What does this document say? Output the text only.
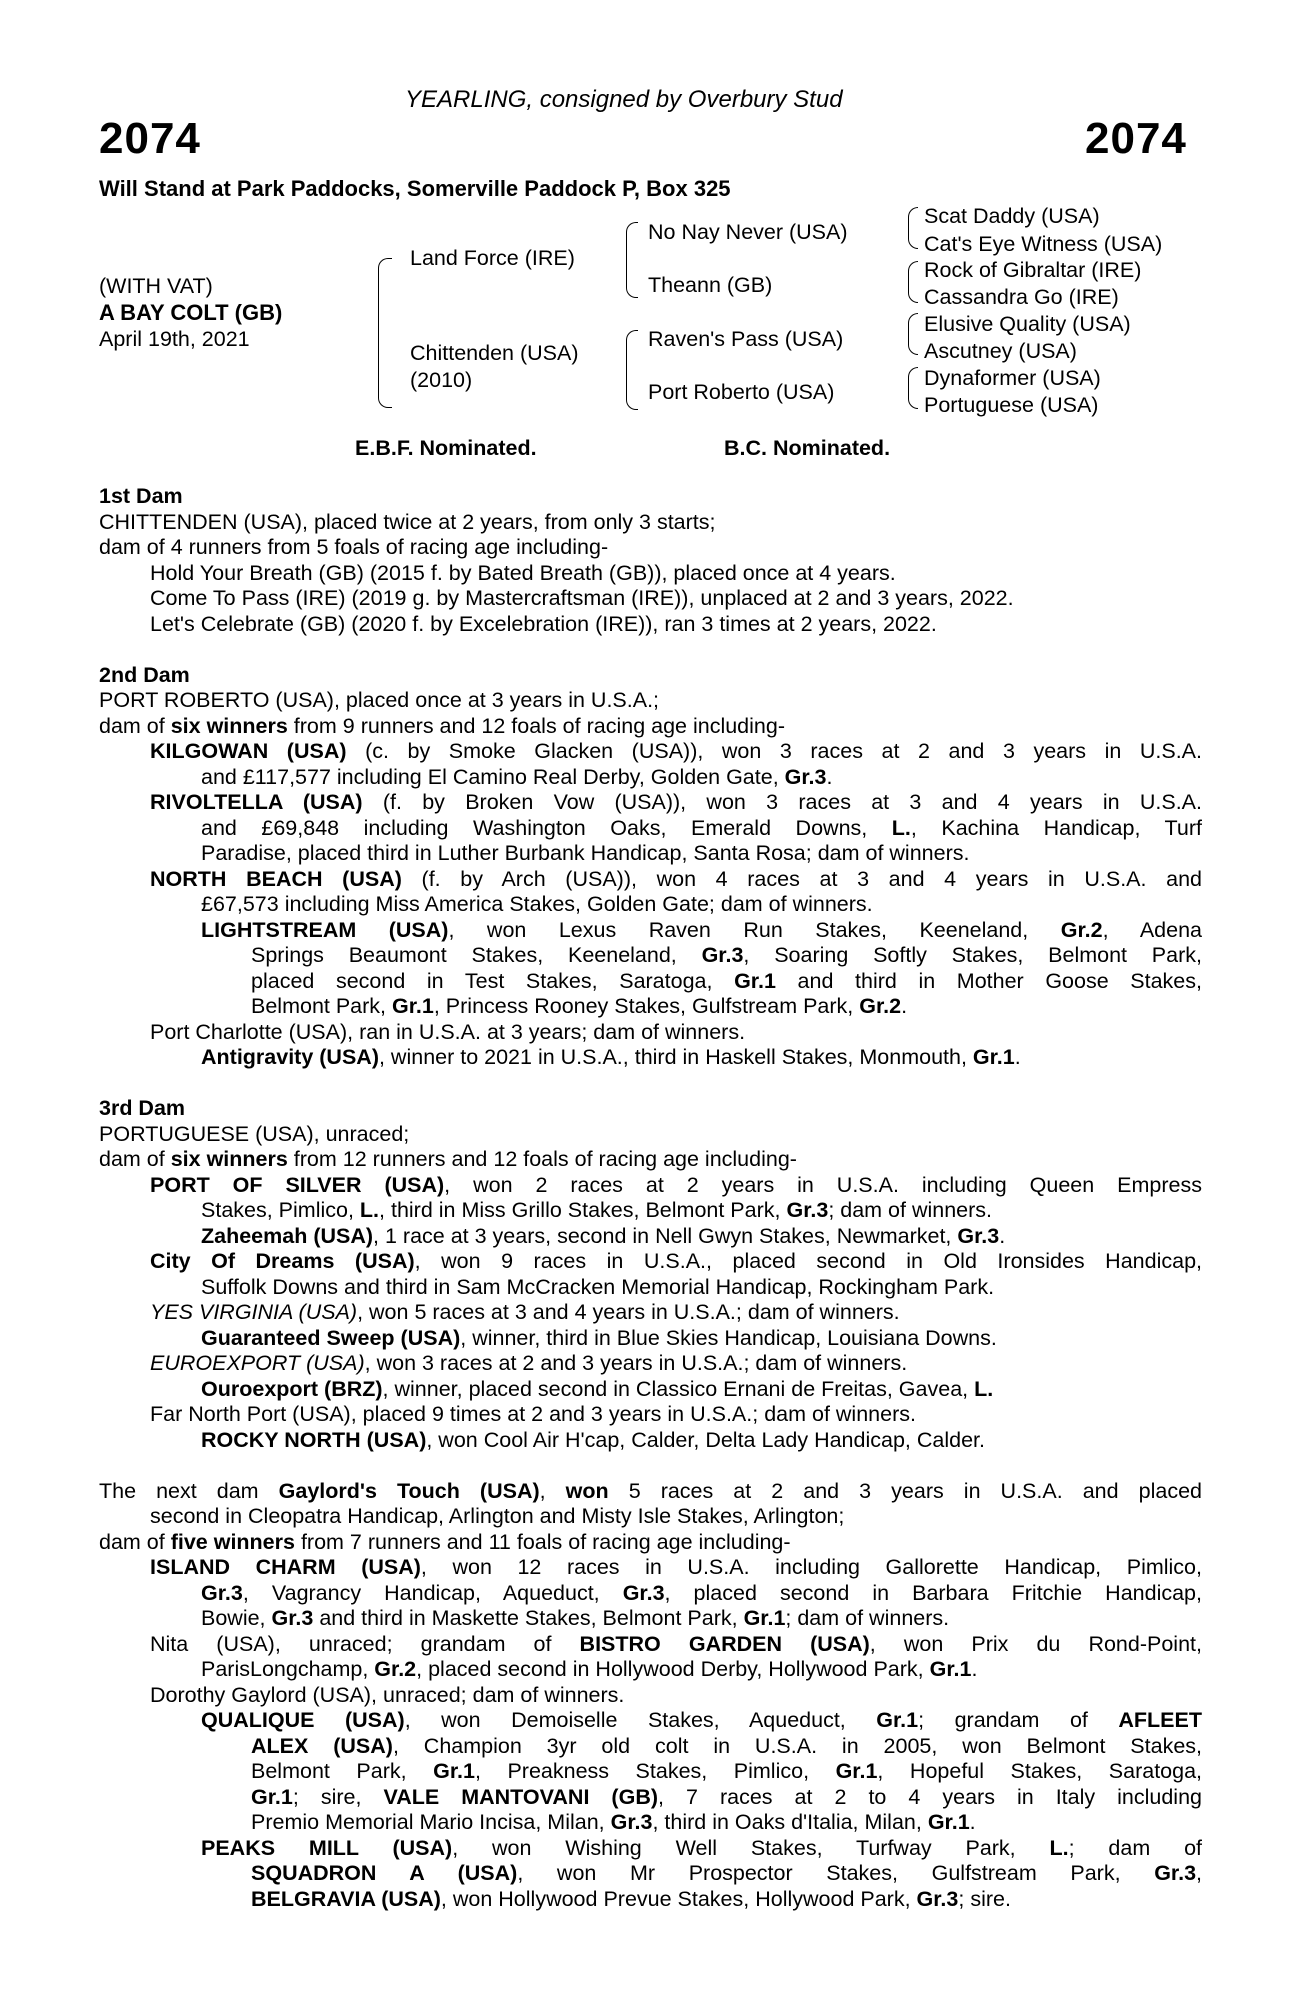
YEARLING, consigned by Overbury Stud
2074	2074
Will Stand at Park Paddocks, Somerville Paddock P, Box 325
(WITH VAT)
A BAY COLT (GB)
April 19th, 2021
Land Force (IRE)
Chittenden (USA)
(2010)
No Nay Never (USA)
Theann (GB)
Raven's Pass (USA)
Port Roberto (USA)
Scat Daddy (USA)
Cat's Eye Witness (USA)
Rock of Gibraltar (IRE)
Cassandra Go (IRE)
Elusive Quality (USA)
Ascutney (USA)
Dynaformer (USA)
Portuguese (USA)
E.B.F. Nominated.	B.C. Nominated.
1st Dam
CHITTENDEN (USA), placed twice at 2 years, from only 3 starts;
dam of 4 runners from 5 foals of racing age including-
Hold Your Breath (GB) (2015 f. by Bated Breath (GB)), placed once at 4 years.
Come To Pass (IRE) (2019 g. by Mastercraftsman (IRE)), unplaced at 2 and 3 years, 2022.
Let's Celebrate (GB) (2020 f. by Excelebration (IRE)), ran 3 times at 2 years, 2022.
2nd Dam
PORT ROBERTO (USA), placed once at 3 years in U.S.A.;
dam of six winners from 9 runners and 12 foals of racing age including-
KILGOWAN (USA) (c. by Smoke Glacken (USA)), won 3 races at 2 and 3 years in U.S.A.
and £117,577 including El Camino Real Derby, Golden Gate, Gr.3.
RIVOLTELLA (USA) (f. by Broken Vow (USA)), won 3 races at 3 and 4 years in U.S.A.
and £69,848 including Washington Oaks, Emerald Downs, L., Kachina Handicap, Turf
Paradise, placed third in Luther Burbank Handicap, Santa Rosa; dam of winners.
NORTH BEACH (USA) (f. by Arch (USA)), won 4 races at 3 and 4 years in U.S.A. and
£67,573 including Miss America Stakes, Golden Gate; dam of winners.
LIGHTSTREAM (USA), won Lexus Raven Run Stakes, Keeneland, Gr.2, Adena
Springs Beaumont Stakes, Keeneland, Gr.3, Soaring Softly Stakes, Belmont Park,
placed second in Test Stakes, Saratoga, Gr.1 and third in Mother Goose Stakes,
Belmont Park, Gr.1, Princess Rooney Stakes, Gulfstream Park, Gr.2.
Port Charlotte (USA), ran in U.S.A. at 3 years; dam of winners.
Antigravity (USA), winner to 2021 in U.S.A., third in Haskell Stakes, Monmouth, Gr.1.
3rd Dam
PORTUGUESE (USA), unraced;
dam of six winners from 12 runners and 12 foals of racing age including-
PORT OF SILVER (USA), won 2 races at 2 years in U.S.A. including Queen Empress
Stakes, Pimlico, L., third in Miss Grillo Stakes, Belmont Park, Gr.3; dam of winners.
Zaheemah (USA), 1 race at 3 years, second in Nell Gwyn Stakes, Newmarket, Gr.3.
City Of Dreams (USA), won 9 races in U.S.A., placed second in Old Ironsides Handicap,
Suffolk Downs and third in Sam McCracken Memorial Handicap, Rockingham Park.
YES VIRGINIA (USA), won 5 races at 3 and 4 years in U.S.A.; dam of winners.
Guaranteed Sweep (USA), winner, third in Blue Skies Handicap, Louisiana Downs.
EUROEXPORT (USA), won 3 races at 2 and 3 years in U.S.A.; dam of winners.
Ouroexport (BRZ), winner, placed second in Classico Ernani de Freitas, Gavea, L.
Far North Port (USA), placed 9 times at 2 and 3 years in U.S.A.; dam of winners.
ROCKY NORTH (USA), won Cool Air H'cap, Calder, Delta Lady Handicap, Calder.
The next dam Gaylord's Touch (USA), won 5 races at 2 and 3 years in U.S.A. and placed
second in Cleopatra Handicap, Arlington and Misty Isle Stakes, Arlington;
dam of five winners from 7 runners and 11 foals of racing age including-
ISLAND CHARM (USA), won 12 races in U.S.A. including Gallorette Handicap, Pimlico,
Gr.3, Vagrancy Handicap, Aqueduct, Gr.3, placed second in Barbara Fritchie Handicap,
Bowie, Gr.3 and third in Maskette Stakes, Belmont Park, Gr.1; dam of winners.
Nita (USA), unraced; grandam of BISTRO GARDEN (USA), won Prix du Rond-Point,
ParisLongchamp, Gr.2, placed second in Hollywood Derby, Hollywood Park, Gr.1.
Dorothy Gaylord (USA), unraced; dam of winners.
QUALIQUE (USA), won Demoiselle Stakes, Aqueduct, Gr.1; grandam of AFLEET
ALEX (USA), Champion 3yr old colt in U.S.A. in 2005, won Belmont Stakes,
Belmont Park, Gr.1, Preakness Stakes, Pimlico, Gr.1, Hopeful Stakes, Saratoga,
Gr.1; sire, VALE MANTOVANI (GB), 7 races at 2 to 4 years in Italy including
Premio Memorial Mario Incisa, Milan, Gr.3, third in Oaks d'Italia, Milan, Gr.1.
PEAKS MILL (USA), won Wishing Well Stakes, Turfway Park, L.; dam of
SQUADRON A (USA), won Mr Prospector Stakes, Gulfstream Park, Gr.3,
BELGRAVIA (USA), won Hollywood Prevue Stakes, Hollywood Park, Gr.3; sire.
